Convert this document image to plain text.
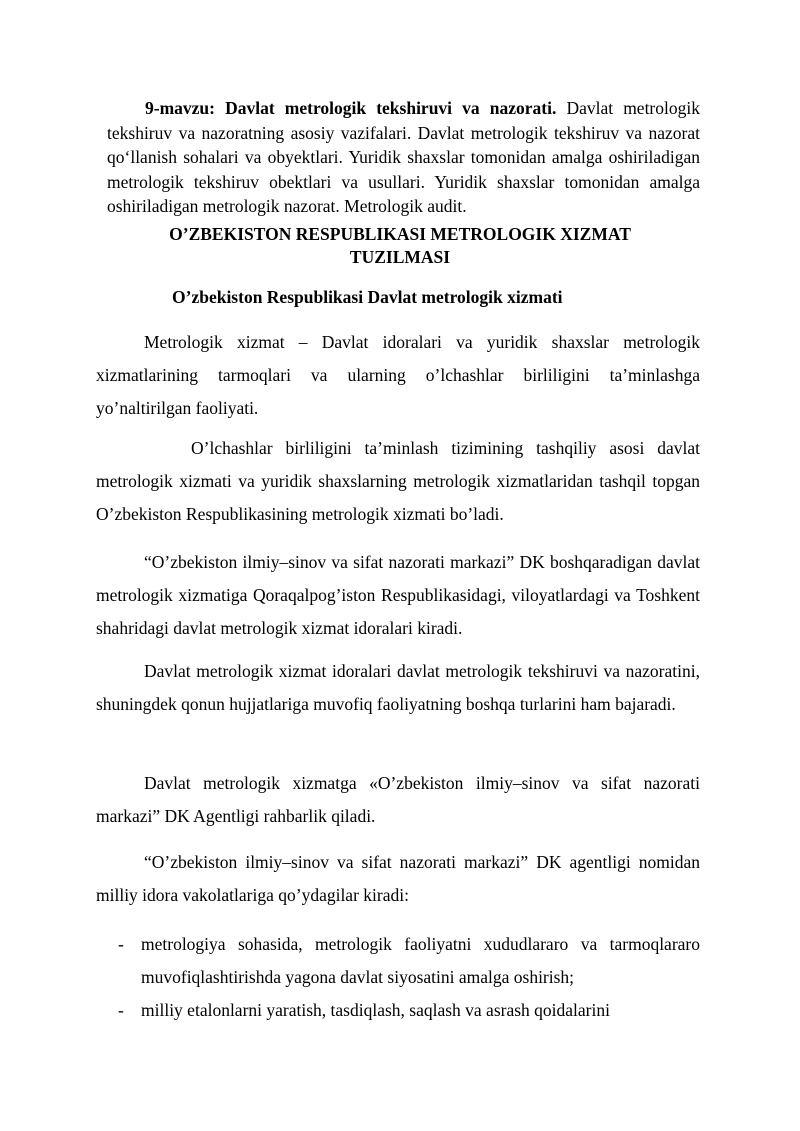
9-mavzu: Davlat metrologik tekshiruvi va nazorati. Davlat metrologik tekshiruv va nazoratning asosiy vazifalari. Davlat metrologik tekshiruv va nazorat qo‘llanish sohalari va obyektlari. Yuridik shaxslar tomonidan amalga oshiriladigan metrologik tekshiruv obektlari va usullari. Yuridik shaxslar tomonidan amalga oshiriladigan metrologik nazorat. Metrologik audit.

O’ZBEKISTON RESPUBLIKASI METROLOGIK XIZMAT
TUZILMASI
O’zbekiston Respublikasi Davlat metrologik xizmati

Metrologik xizmat – Davlat idoralari va yuridik shaxslar metrologik xizmatlarining tarmoqlari va ularning o’lchashlar birliligini ta’minlashga yo’naltirilgan faoliyati.

O’lchashlar birliligini ta’minlash tizimining tashqiliy asosi davlat metrologik xizmati va yuridik shaxslarning metrologik xizmatlaridan tashqil topgan O’zbekiston Respublikasining metrologik xizmati bo’ladi.

“O’zbekiston ilmiy–sinov va sifat nazorati markazi” DK boshqaradigan davlat metrologik xizmatiga Qoraqalpog’iston Respublikasidagi, viloyatlardagi va Toshkent shahridagi davlat metrologik xizmat idoralari kiradi.

Davlat metrologik xizmat idoralari davlat metrologik tekshiruvi va nazoratini, shuningdek qonun hujjatlariga muvofiq faoliyatning boshqa turlarini ham bajaradi.

Davlat metrologik xizmatga «O’zbekiston ilmiy–sinov va sifat nazorati markazi” DK Agentligi rahbarlik qiladi.

“O’zbekiston ilmiy–sinov va sifat nazorati markazi” DK agentligi nomidan milliy idora vakolatlariga qo’ydagilar kiradi:

- metrologiya sohasida, metrologik faoliyatni xududlararo va tarmoqlararo muvofiqlashtirishda yagona davlat siyosatini amalga oshirish;
- milliy etalonlarni yaratish, tasdiqlash, saqlash va asrash qoidalarini
